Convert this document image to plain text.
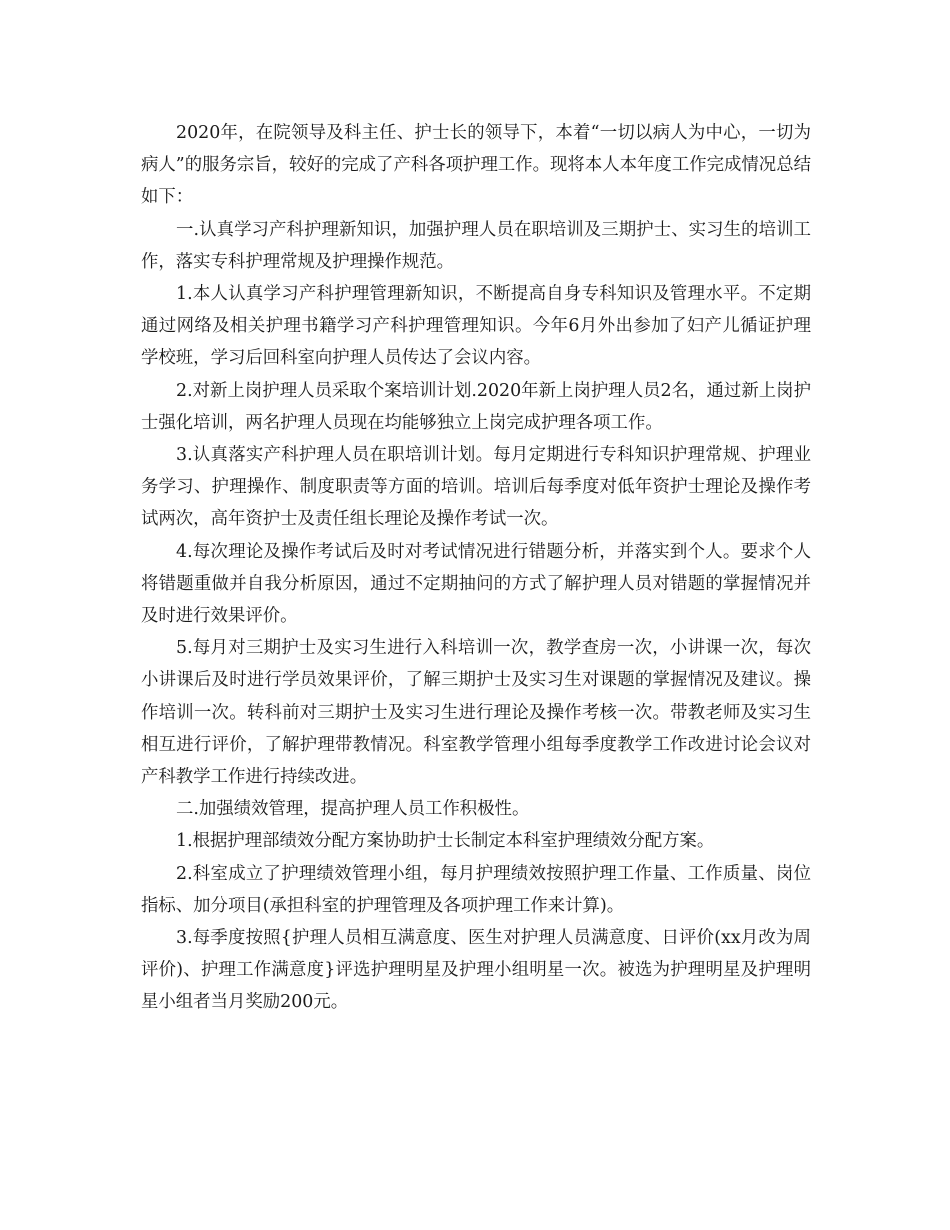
2020年，在院领导及科主任、护士长的领导下，本着“一切以病人为中心，一切为病人”的服务宗旨，较好的完成了产科各项护理工作。现将本人本年度工作完成情况总结如下：

一.认真学习产科护理新知识，加强护理人员在职培训及三期护士、实习生的培训工作，落实专科护理常规及护理操作规范。

1.本人认真学习产科护理管理新知识，不断提高自身专科知识及管理水平。不定期通过网络及相关护理书籍学习产科护理管理知识。今年6月外出参加了妇产儿循证护理学校班，学习后回科室向护理人员传达了会议内容。

2.对新上岗护理人员采取个案培训计划.2020年新上岗护理人员2名，通过新上岗护士强化培训，两名护理人员现在均能够独立上岗完成护理各项工作。

3.认真落实产科护理人员在职培训计划。每月定期进行专科知识护理常规、护理业务学习、护理操作、制度职责等方面的培训。培训后每季度对低年资护士理论及操作考试两次，高年资护士及责任组长理论及操作考试一次。

4.每次理论及操作考试后及时对考试情况进行错题分析，并落实到个人。要求个人将错题重做并自我分析原因，通过不定期抽问的方式了解护理人员对错题的掌握情况并及时进行效果评价。

5.每月对三期护士及实习生进行入科培训一次，教学查房一次，小讲课一次，每次小讲课后及时进行学员效果评价，了解三期护士及实习生对课题的掌握情况及建议。操作培训一次。转科前对三期护士及实习生进行理论及操作考核一次。带教老师及实习生相互进行评价，了解护理带教情况。科室教学管理小组每季度教学工作改进讨论会议对产科教学工作进行持续改进。

二.加强绩效管理，提高护理人员工作积极性。

1.根据护理部绩效分配方案协助护士长制定本科室护理绩效分配方案。

2.科室成立了护理绩效管理小组，每月护理绩效按照护理工作量、工作质量、岗位指标、加分项目(承担科室的护理管理及各项护理工作来计算)。

3.每季度按照{护理人员相互满意度、医生对护理人员满意度、日评价(xx月改为周评价)、护理工作满意度}评选护理明星及护理小组明星一次。被选为护理明星及护理明星小组者当月奖励200元。
